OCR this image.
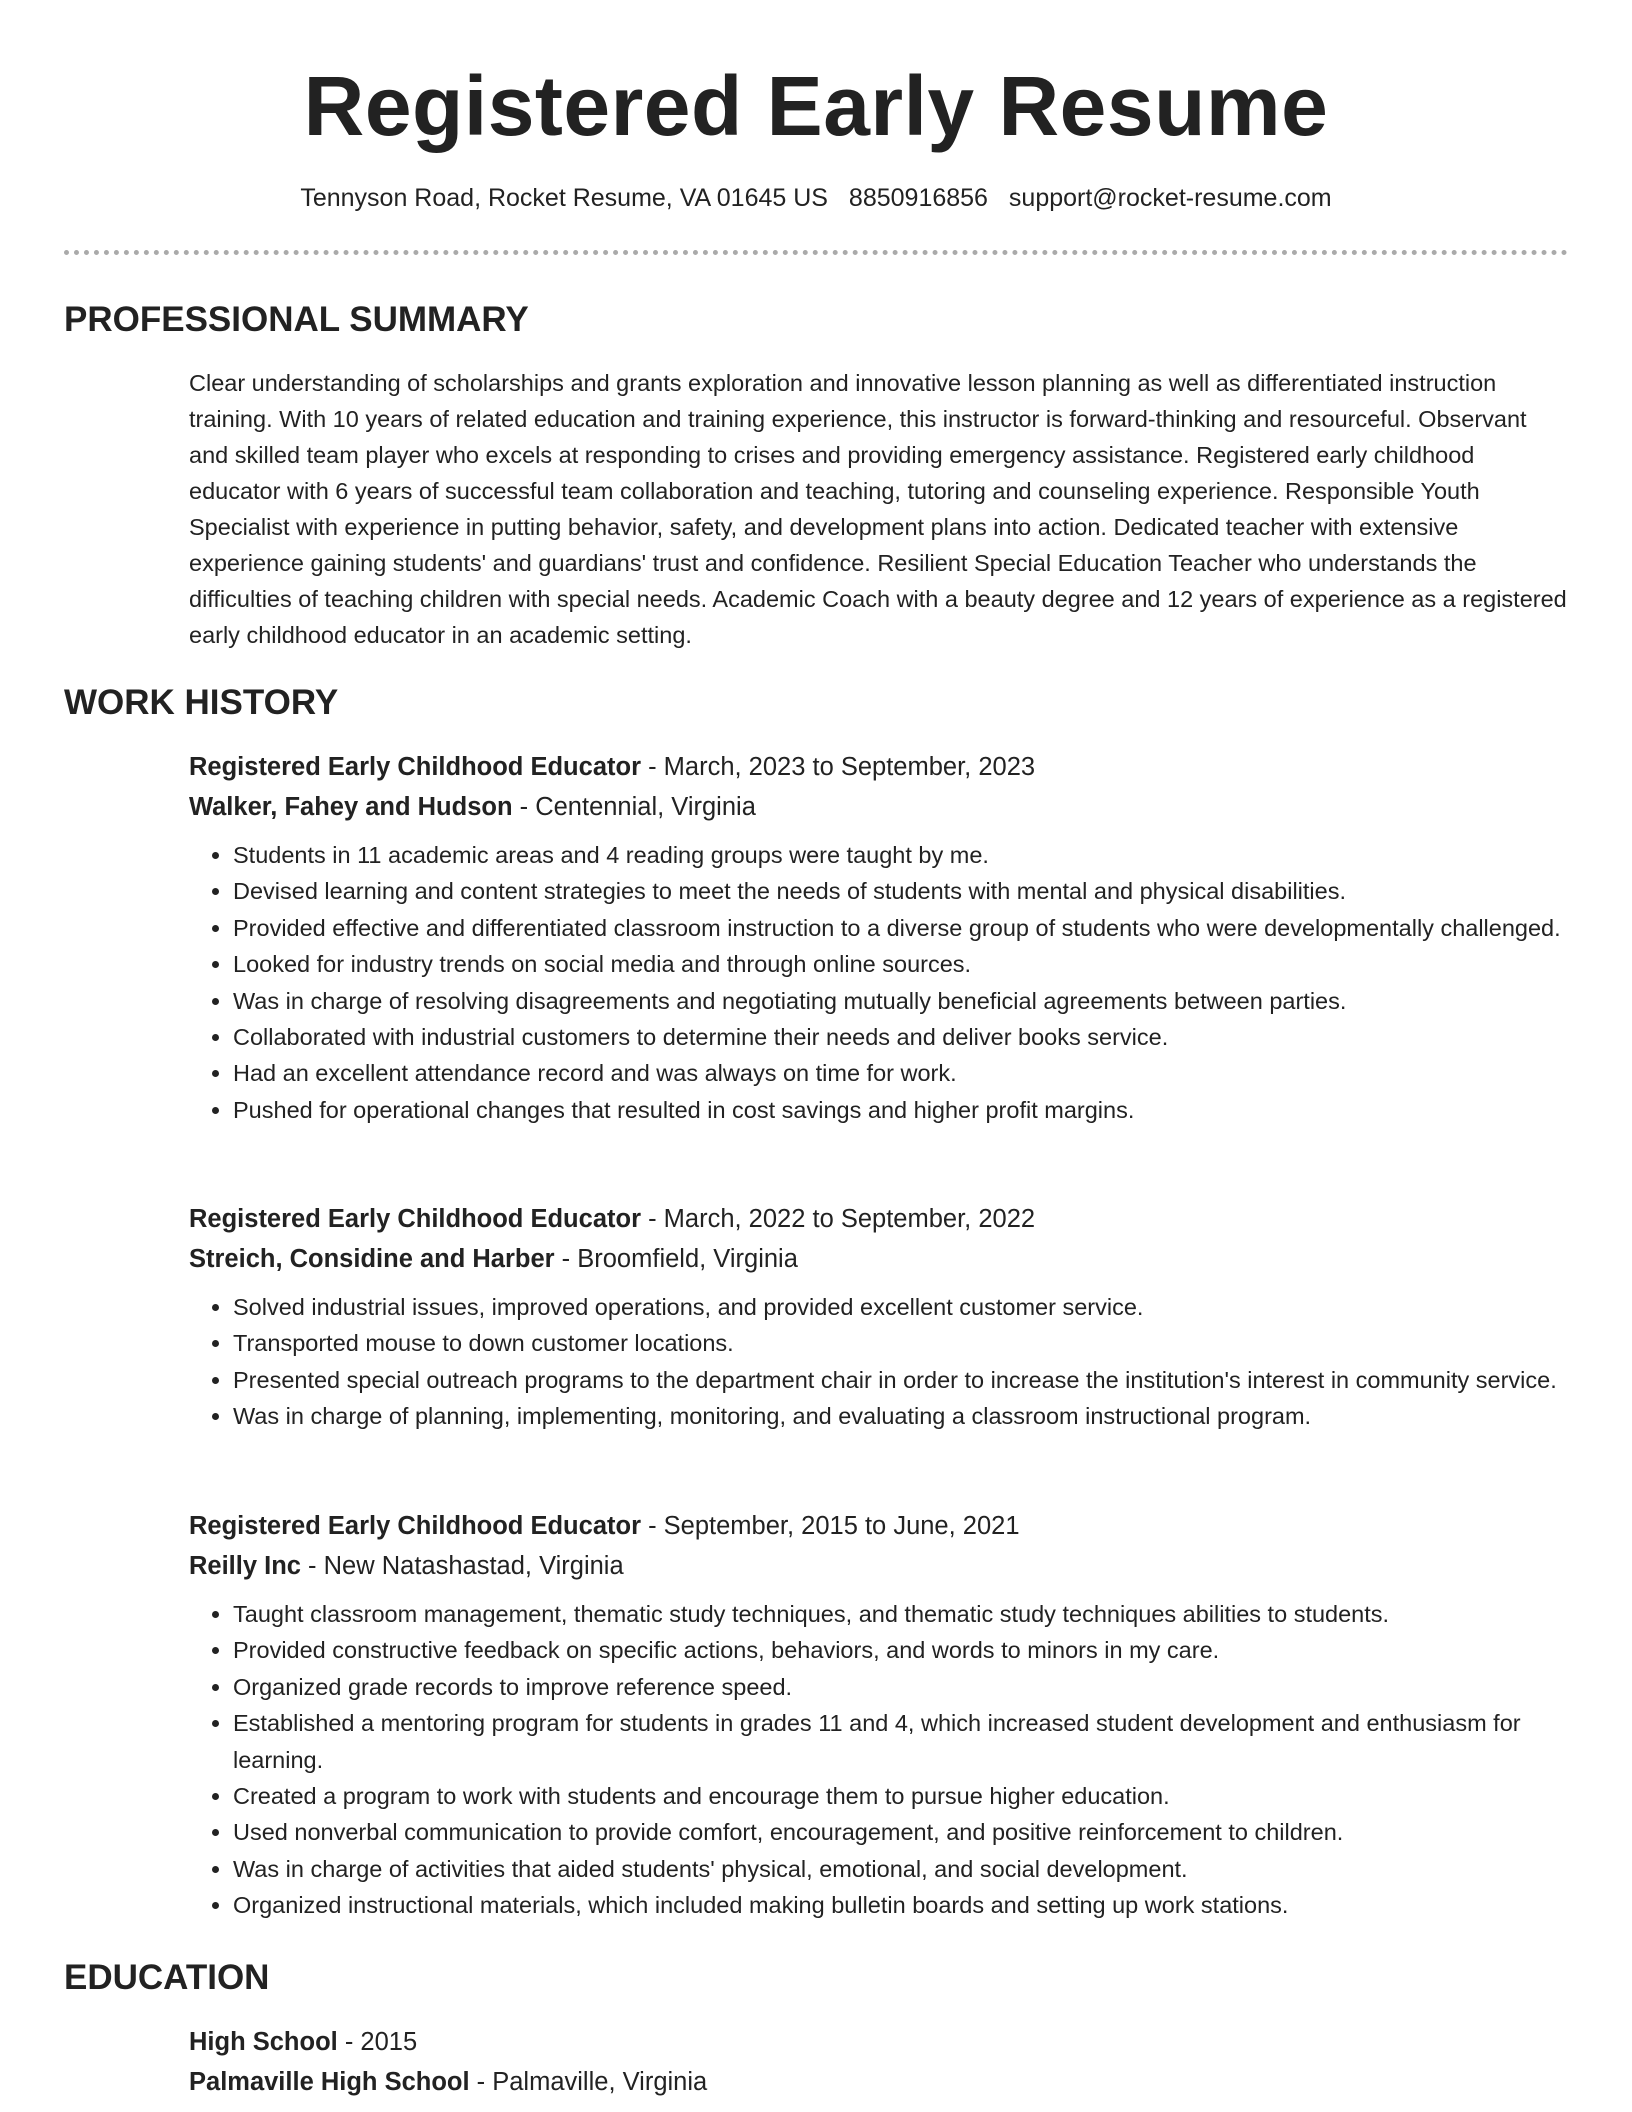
Registered Early Resume
Tennyson Road, Rocket Resume, VA 01645 US 8850916856 support@rocket-resume.com
PROFESSIONAL SUMMARY

Clear understanding of scholarships and grants exploration and innovative lesson planning as well as differentiated instruction training. With 10 years of related education and training experience, this instructor is forward-thinking and resourceful. Observant and skilled team player who excels at responding to crises and providing emergency assistance. Registered early childhood educator with 6 years of successful team collaboration and teaching, tutoring and counseling experience. Responsible Youth Specialist with experience in putting behavior, safety, and development plans into action. Dedicated teacher with extensive experience gaining students' and guardians' trust and confidence. Resilient Special Education Teacher who understands the difficulties of teaching children with special needs. Academic Coach with a beauty degree and 12 years of experience as a registered early childhood educator in an academic setting.

WORK HISTORY
Registered Early Childhood Educator - March, 2023 to September, 2023
Walker, Fahey and Hudson - Centennial, Virginia
• Students in 11 academic areas and 4 reading groups were taught by me.
• Devised learning and content strategies to meet the needs of students with mental and physical disabilities.
• Provided effective and differentiated classroom instruction to a diverse group of students who were developmentally challenged.
• Looked for industry trends on social media and through online sources.
• Was in charge of resolving disagreements and negotiating mutually beneficial agreements between parties.
• Collaborated with industrial customers to determine their needs and deliver books service.
• Had an excellent attendance record and was always on time for work.
• Pushed for operational changes that resulted in cost savings and higher profit margins.
Registered Early Childhood Educator - March, 2022 to September, 2022
Streich, Considine and Harber - Broomfield, Virginia
• Solved industrial issues, improved operations, and provided excellent customer service.
• Transported mouse to down customer locations.
• Presented special outreach programs to the department chair in order to increase the institution's interest in community service.
• Was in charge of planning, implementing, monitoring, and evaluating a classroom instructional program.
Registered Early Childhood Educator - September, 2015 to June, 2021
Reilly Inc - New Natashastad, Virginia
• Taught classroom management, thematic study techniques, and thematic study techniques abilities to students.
• Provided constructive feedback on specific actions, behaviors, and words to minors in my care.
• Organized grade records to improve reference speed.
• Established a mentoring program for students in grades 11 and 4, which increased student development and enthusiasm for learning.
• Created a program to work with students and encourage them to pursue higher education.
• Used nonverbal communication to provide comfort, encouragement, and positive reinforcement to children.
• Was in charge of activities that aided students' physical, emotional, and social development.
• Organized instructional materials, which included making bulletin boards and setting up work stations.
EDUCATION
High School - 2015
Palmaville High School - Palmaville, Virginia
